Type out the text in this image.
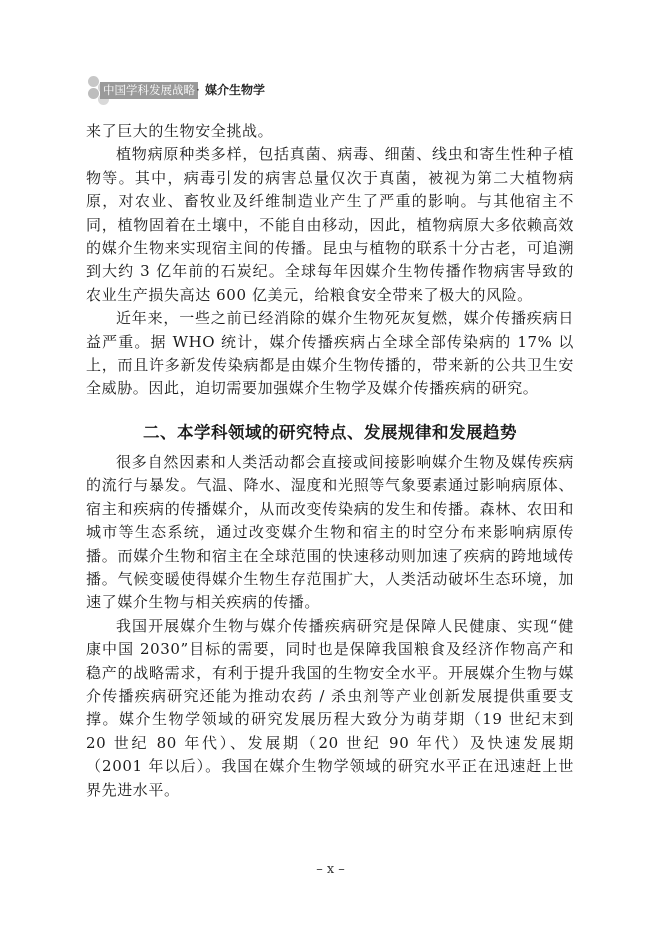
中国学科发展战略 · 媒介生物学

来了巨大的生物安全挑战。

植物病原种类多样，包括真菌、病毒、细菌、线虫和寄生性种子植物等。其中，病毒引发的病害总量仅次于真菌，被视为第二大植物病原，对农业、畜牧业及纤维制造业产生了严重的影响。与其他宿主不同，植物固着在土壤中，不能自由移动，因此，植物病原大多依赖高效的媒介生物来实现宿主间的传播。昆虫与植物的联系十分古老，可追溯到大约 3 亿年前的石炭纪。全球每年因媒介生物传播作物病害导致的农业生产损失高达 600 亿美元，给粮食安全带来了极大的风险。

近年来，一些之前已经消除的媒介生物死灰复燃，媒介传播疾病日益严重。据 WHO 统计，媒介传播疾病占全球全部传染病的 17% 以上，而且许多新发传染病都是由媒介生物传播的，带来新的公共卫生安全威胁。因此，迫切需要加强媒介生物学及媒介传播疾病的研究。

二、本学科领域的研究特点、发展规律和发展趋势

很多自然因素和人类活动都会直接或间接影响媒介生物及媒传疾病的流行与暴发。气温、降水、湿度和光照等气象要素通过影响病原体、宿主和疾病的传播媒介，从而改变传染病的发生和传播。森林、农田和城市等生态系统，通过改变媒介生物和宿主的时空分布来影响病原传播。而媒介生物和宿主在全球范围的快速移动则加速了疾病的跨地域传播。气候变暖使得媒介生物生存范围扩大，人类活动破坏生态环境，加速了媒介生物与相关疾病的传播。

我国开展媒介生物与媒介传播疾病研究是保障人民健康、实现“健康中国 2030”目标的需要，同时也是保障我国粮食及经济作物高产和稳产的战略需求，有利于提升我国的生物安全水平。开展媒介生物与媒介传播疾病研究还能为推动农药 / 杀虫剂等产业创新发展提供重要支撑。媒介生物学领域的研究发展历程大致分为萌芽期（19 世纪末到 20 世纪 80 年代）、发展期（20 世纪 90 年代）及快速发展期（2001 年以后）。我国在媒介生物学领域的研究水平正在迅速赶上世界先进水平。

– x –
